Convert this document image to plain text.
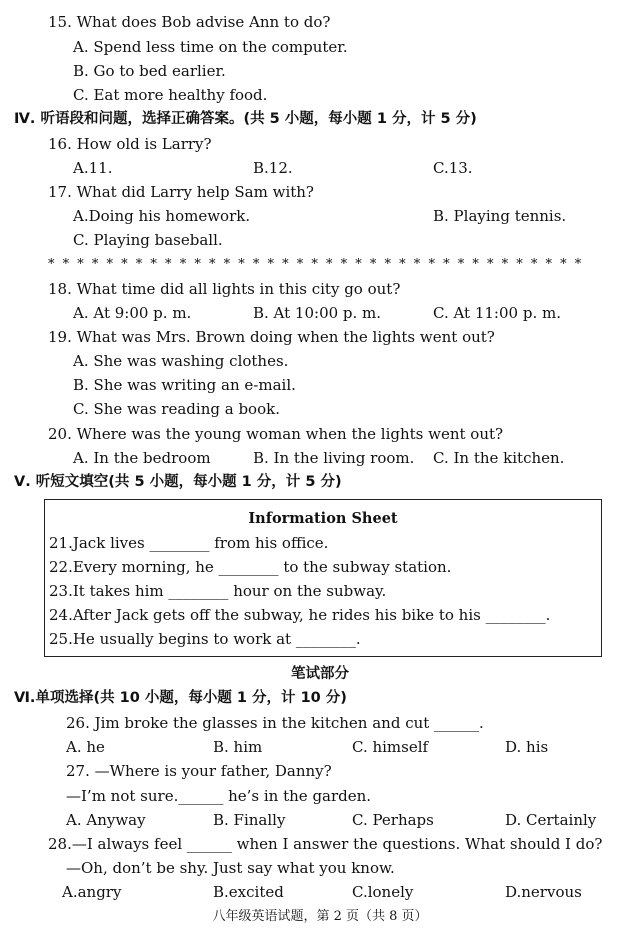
15. What does Bob advise Ann to do?
A. Spend less time on the computer.
B. Go to bed earlier.
C. Eat more healthy food.
Ⅳ. 听语段和问题，选择正确答案。(共 5 小题，每小题 1 分，计 5 分)
16. How old is Larry?
A.11.	B.12.	C.13.
17. What did Larry help Sam with?
A.Doing his homework.	B. Playing tennis.
C. Playing baseball.
* * * * * * * * * * * * * * * * * * * * * * * * * * * * * * * * * * * * *
18. What time did all lights in this city go out?
A. At 9:00 p. m.	B. At 10:00 p. m.	C. At 11:00 p. m.
19. What was Mrs. Brown doing when the lights went out?
A. She was washing clothes.
B. She was writing an e-mail.
C. She was reading a book.
20. Where was the young woman when the lights went out?
A. In the bedroom	B. In the living room. C. In the kitchen.
Ⅴ. 听短文填空(共 5 小题，每小题 1 分，计 5 分)
Information Sheet
21.Jack lives ________ from his office.
22.Every morning, he ________ to the subway station.
23.It takes him ________ hour on the subway.
24.After Jack gets off the subway, he rides his bike to his ________.
25.He usually begins to work at ________.
笔试部分
Ⅵ.单项选择(共 10 小题，每小题 1 分，计 10 分)
26. Jim broke the glasses in the kitchen and cut ______.
A. he	B. him	C. himself	D. his
27. —Where is your father, Danny?
—I’m not sure.______ he’s in the garden.
A. Anyway	B. Finally	C. Perhaps	D. Certainly
28.—I always feel ______ when I answer the questions. What should I do?
—Oh, don’t be shy. Just say what you know.
A.angry	B.excited	C.lonely	D.nervous
八年级英语试题，第 2 页（共 8 页）
